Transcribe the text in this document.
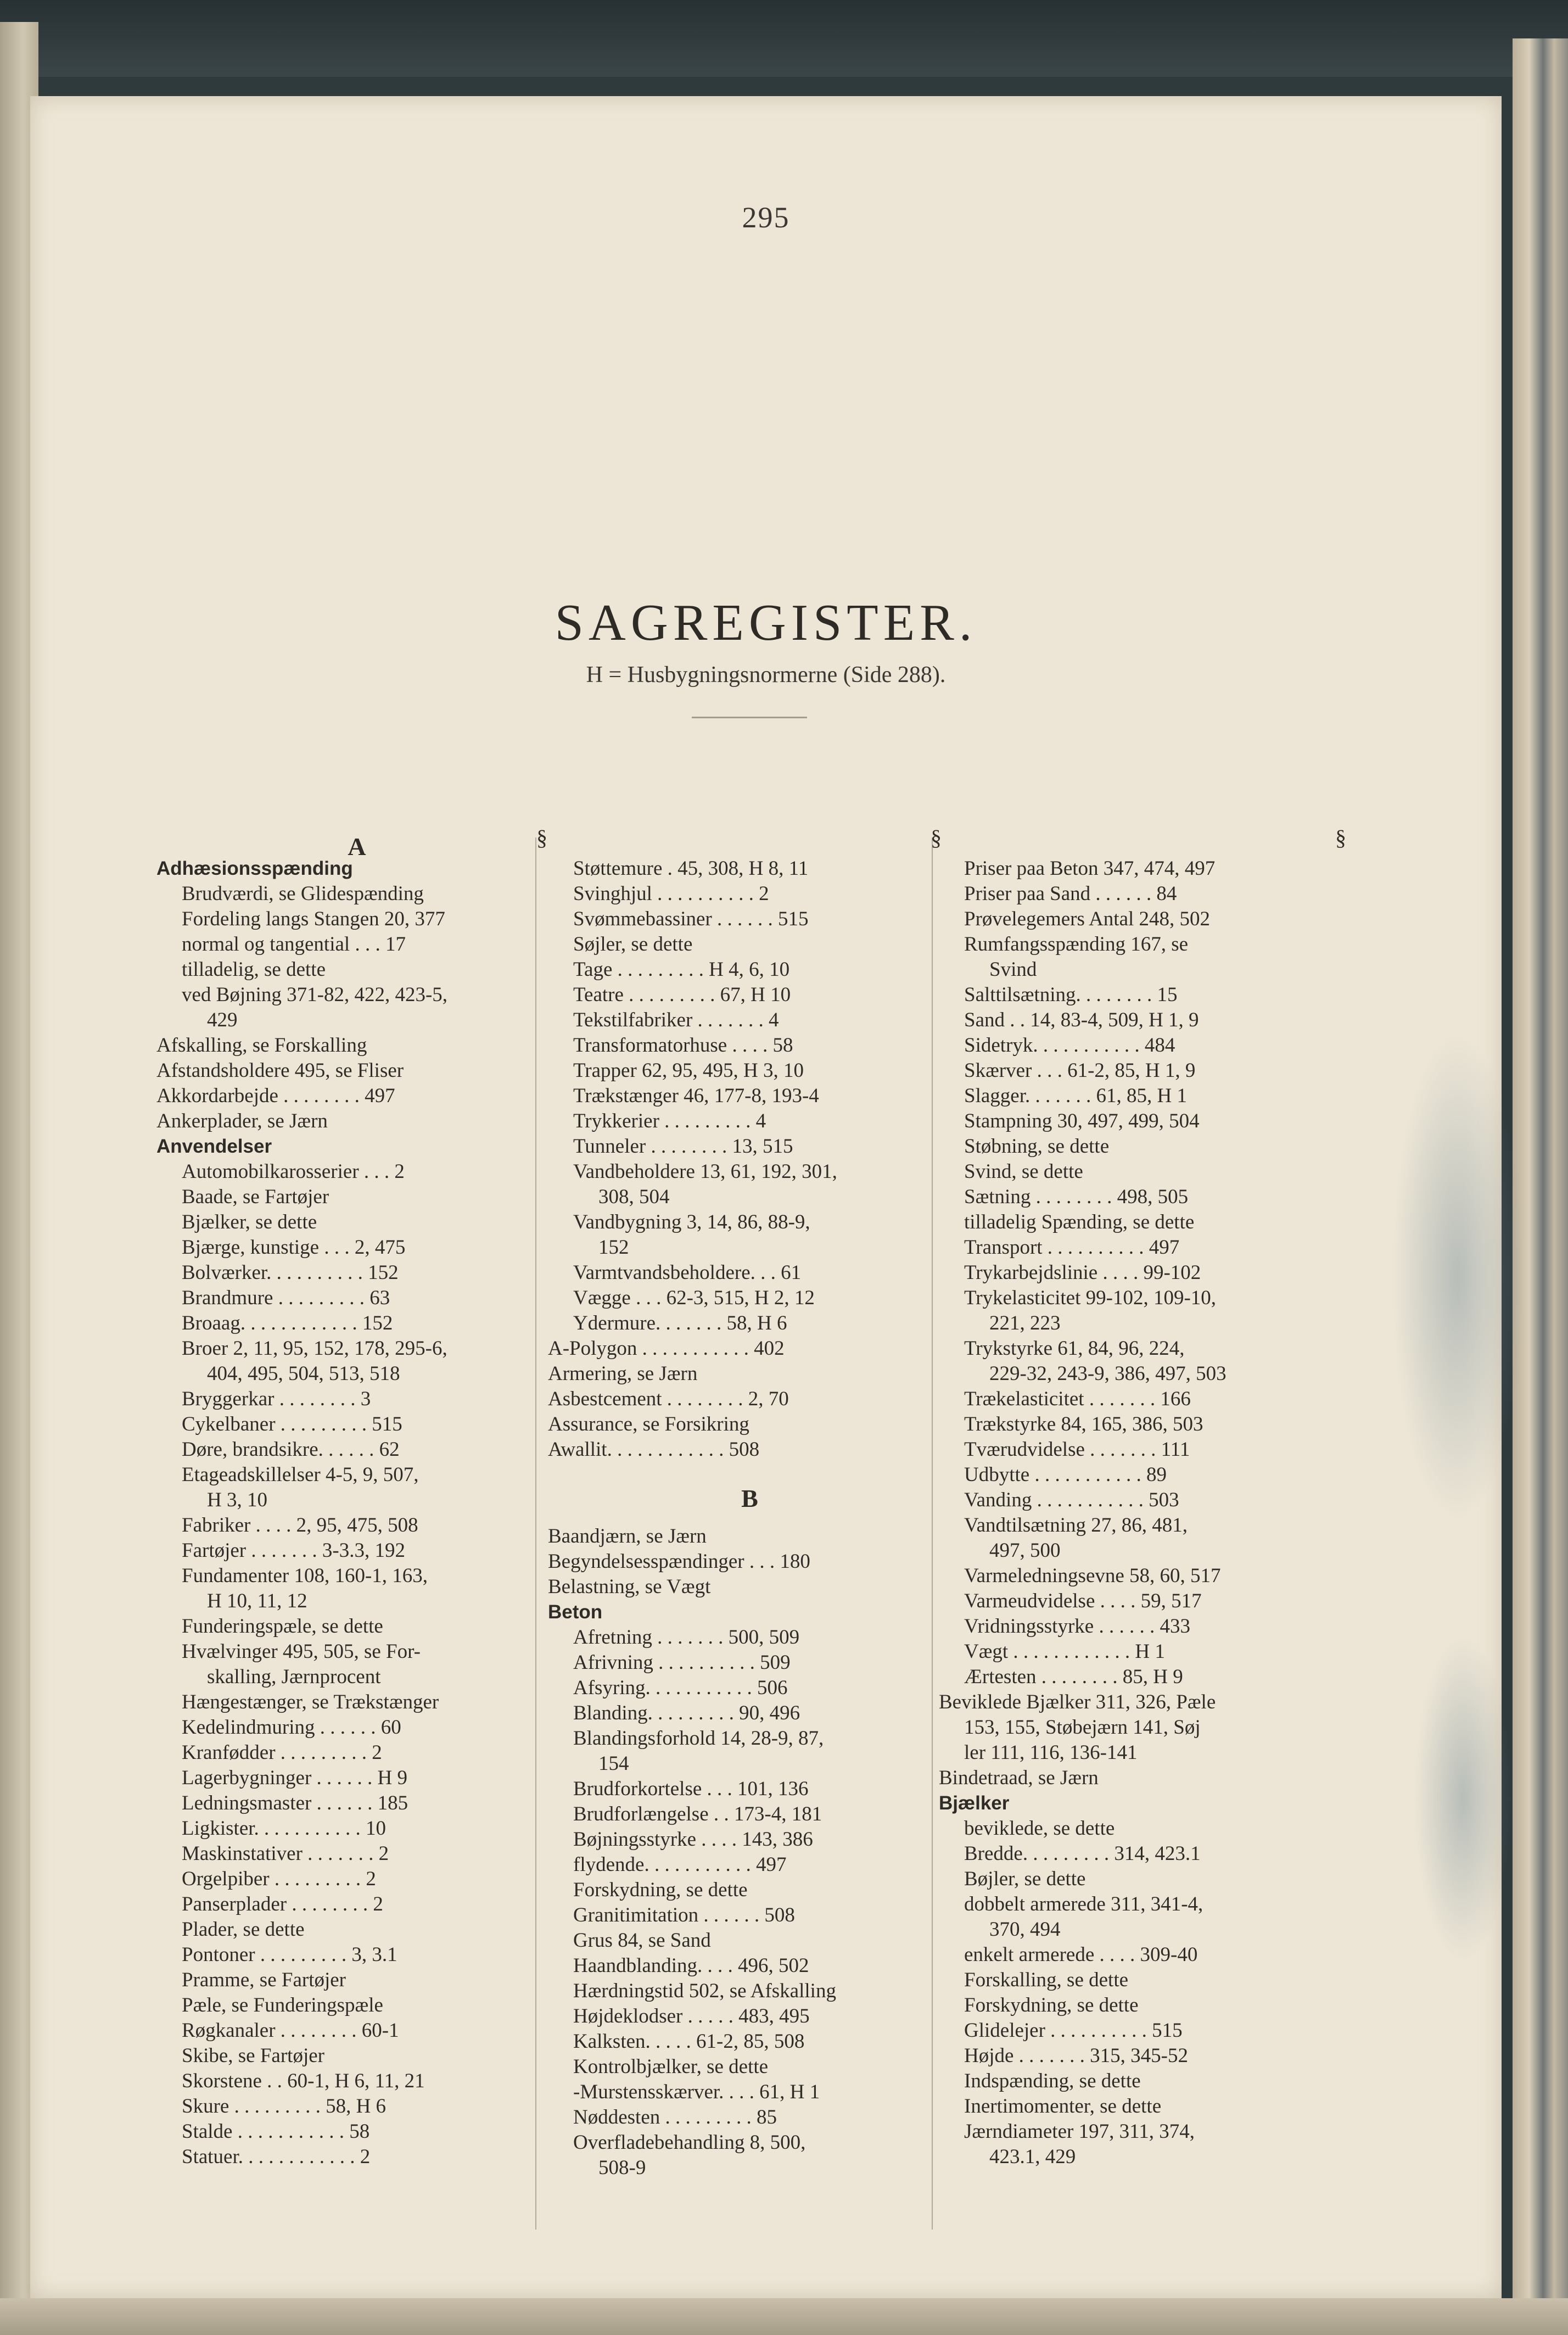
295
SAGREGISTER.
H = Husbygningsnormerne (Side 288).
A	§
Adhæsionsspænding
Brudværdi, se Glidespænding
Fordeling langs Stangen 20, 377
normal og tangential . . . 17
tilladelig, se dette
ved Bøjning 371-82, 422, 423-5,
429
Afskalling, se Forskalling
Afstandsholdere 495, se Fliser
Akkordarbejde . . . . . . . . 497
Ankerplader, se Jærn
Anvendelser
Automobilkarosserier . . . 2
Baade, se Fartøjer
Bjælker, se dette
Bjærge, kunstige . . . 2, 475
Bolværker. . . . . . . . . . 152
Brandmure . . . . . . . . . 63
Broaag. . . . . . . . . . . . 152
Broer 2, 11, 95, 152, 178, 295-6,
404, 495, 504, 513, 518
Bryggerkar . . . . . . . . 3
Cykelbaner . . . . . . . . . 515
Døre, brandsikre. . . . . . 62
Etageadskillelser 4-5, 9, 507,
H 3, 10
Fabriker . . . . 2, 95, 475, 508
Fartøjer . . . . . . . 3-3.3, 192
Fundamenter 108, 160-1, 163,
H 10, 11, 12
Funderingspæle, se dette
Hvælvinger 495, 505, se For-
skalling, Jærnprocent
Hængestænger, se Trækstænger
Kedelindmuring . . . . . . 60
Kranfødder . . . . . . . . . 2
Lagerbygninger . . . . . . H 9
Ledningsmaster . . . . . . 185
Ligkister. . . . . . . . . . . 10
Maskinstativer . . . . . . . 2
Orgelpiber . . . . . . . . . 2
Panserplader . . . . . . . . 2
Plader, se dette
Pontoner . . . . . . . . . 3, 3.1
Pramme, se Fartøjer
Pæle, se Funderingspæle
Røgkanaler . . . . . . . . 60-1
Skibe, se Fartøjer
Skorstene . . 60-1, H 6, 11, 21
Skure . . . . . . . . . 58, H 6
Stalde . . . . . . . . . . . 58
Statuer. . . . . . . . . . . . 2
§
Støttemure . 45, 308, H 8, 11
Svinghjul . . . . . . . . . . 2
Svømmebassiner . . . . . . 515
Søjler, se dette
Tage . . . . . . . . . H 4, 6, 10
Teatre . . . . . . . . . 67, H 10
Tekstilfabriker . . . . . . . 4
Transformatorhuse . . . . 58
Trapper 62, 95, 495, H 3, 10
Trækstænger 46, 177-8, 193-4
Trykkerier . . . . . . . . . 4
Tunneler . . . . . . . . 13, 515
Vandbeholdere 13, 61, 192, 301,
308, 504
Vandbygning 3, 14, 86, 88-9,
152
Varmtvandsbeholdere. . . 61
Vægge . . . 62-3, 515, H 2, 12
Ydermure. . . . . . . 58, H 6
A-Polygon . . . . . . . . . . . 402
Armering, se Jærn
Asbestcement . . . . . . . . 2, 70
Assurance, se Forsikring
Awallit. . . . . . . . . . . . 508
B
Baandjærn, se Jærn
Begyndelsesspændinger . . . 180
Belastning, se Vægt
Beton
Afretning . . . . . . . 500, 509
Afrivning . . . . . . . . . . 509
Afsyring. . . . . . . . . . . 506
Blanding. . . . . . . . . 90, 496
Blandingsforhold 14, 28-9, 87,
154
Brudforkortelse . . . 101, 136
Brudforlængelse . . 173-4, 181
Bøjningsstyrke . . . . 143, 386
flydende. . . . . . . . . . . 497
Forskydning, se dette
Granitimitation . . . . . . 508
Grus 84, se Sand
Haandblanding. . . . 496, 502
Hærdningstid 502, se Afskalling
Højdeklodser . . . . . 483, 495
Kalksten. . . . . 61-2, 85, 508
Kontrolbjælker, se dette
-Murstensskærver. . . . 61, H 1
Nøddesten . . . . . . . . . 85
Overfladebehandling 8, 500,
508-9
§
Priser paa Beton 347, 474, 497
Priser paa Sand . . . . . . 84
Prøvelegemers Antal 248, 502
Rumfangsspænding 167, se
Svind
Salttilsætning. . . . . . . . 15
Sand . . 14, 83-4, 509, H 1, 9
Sidetryk. . . . . . . . . . . 484
Skærver . . . 61-2, 85, H 1, 9
Slagger. . . . . . . 61, 85, H 1
Stampning 30, 497, 499, 504
Støbning, se dette
Svind, se dette
Sætning . . . . . . . . 498, 505
tilladelig Spænding, se dette
Transport . . . . . . . . . . 497
Trykarbejdslinie . . . . 99-102
Trykelasticitet 99-102, 109-10,
221, 223
Trykstyrke 61, 84, 96, 224,
229-32, 243-9, 386, 497, 503
Trækelasticitet . . . . . . . 166
Trækstyrke 84, 165, 386, 503
Tværudvidelse . . . . . . . 111
Udbytte . . . . . . . . . . . 89
Vanding . . . . . . . . . . . 503
Vandtilsætning 27, 86, 481,
497, 500
Varmeledningsevne 58, 60, 517
Varmeudvidelse . . . . 59, 517
Vridningsstyrke . . . . . . 433
Vægt . . . . . . . . . . . . H 1
Ærtesten . . . . . . . . 85, H 9
Beviklede Bjælker 311, 326, Pæle
153, 155, Støbejærn 141, Søj
ler 111, 116, 136-141
Bindetraad, se Jærn
Bjælker
beviklede, se dette
Bredde. . . . . . . . . 314, 423.1
Bøjler, se dette
dobbelt armerede 311, 341-4,
370, 494
enkelt armerede . . . . 309-40
Forskalling, se dette
Forskydning, se dette
Glidelejer . . . . . . . . . . 515
Højde . . . . . . . 315, 345-52
Indspænding, se dette
Inertimomenter, se dette
Jærndiameter 197, 311, 374,
423.1, 429
